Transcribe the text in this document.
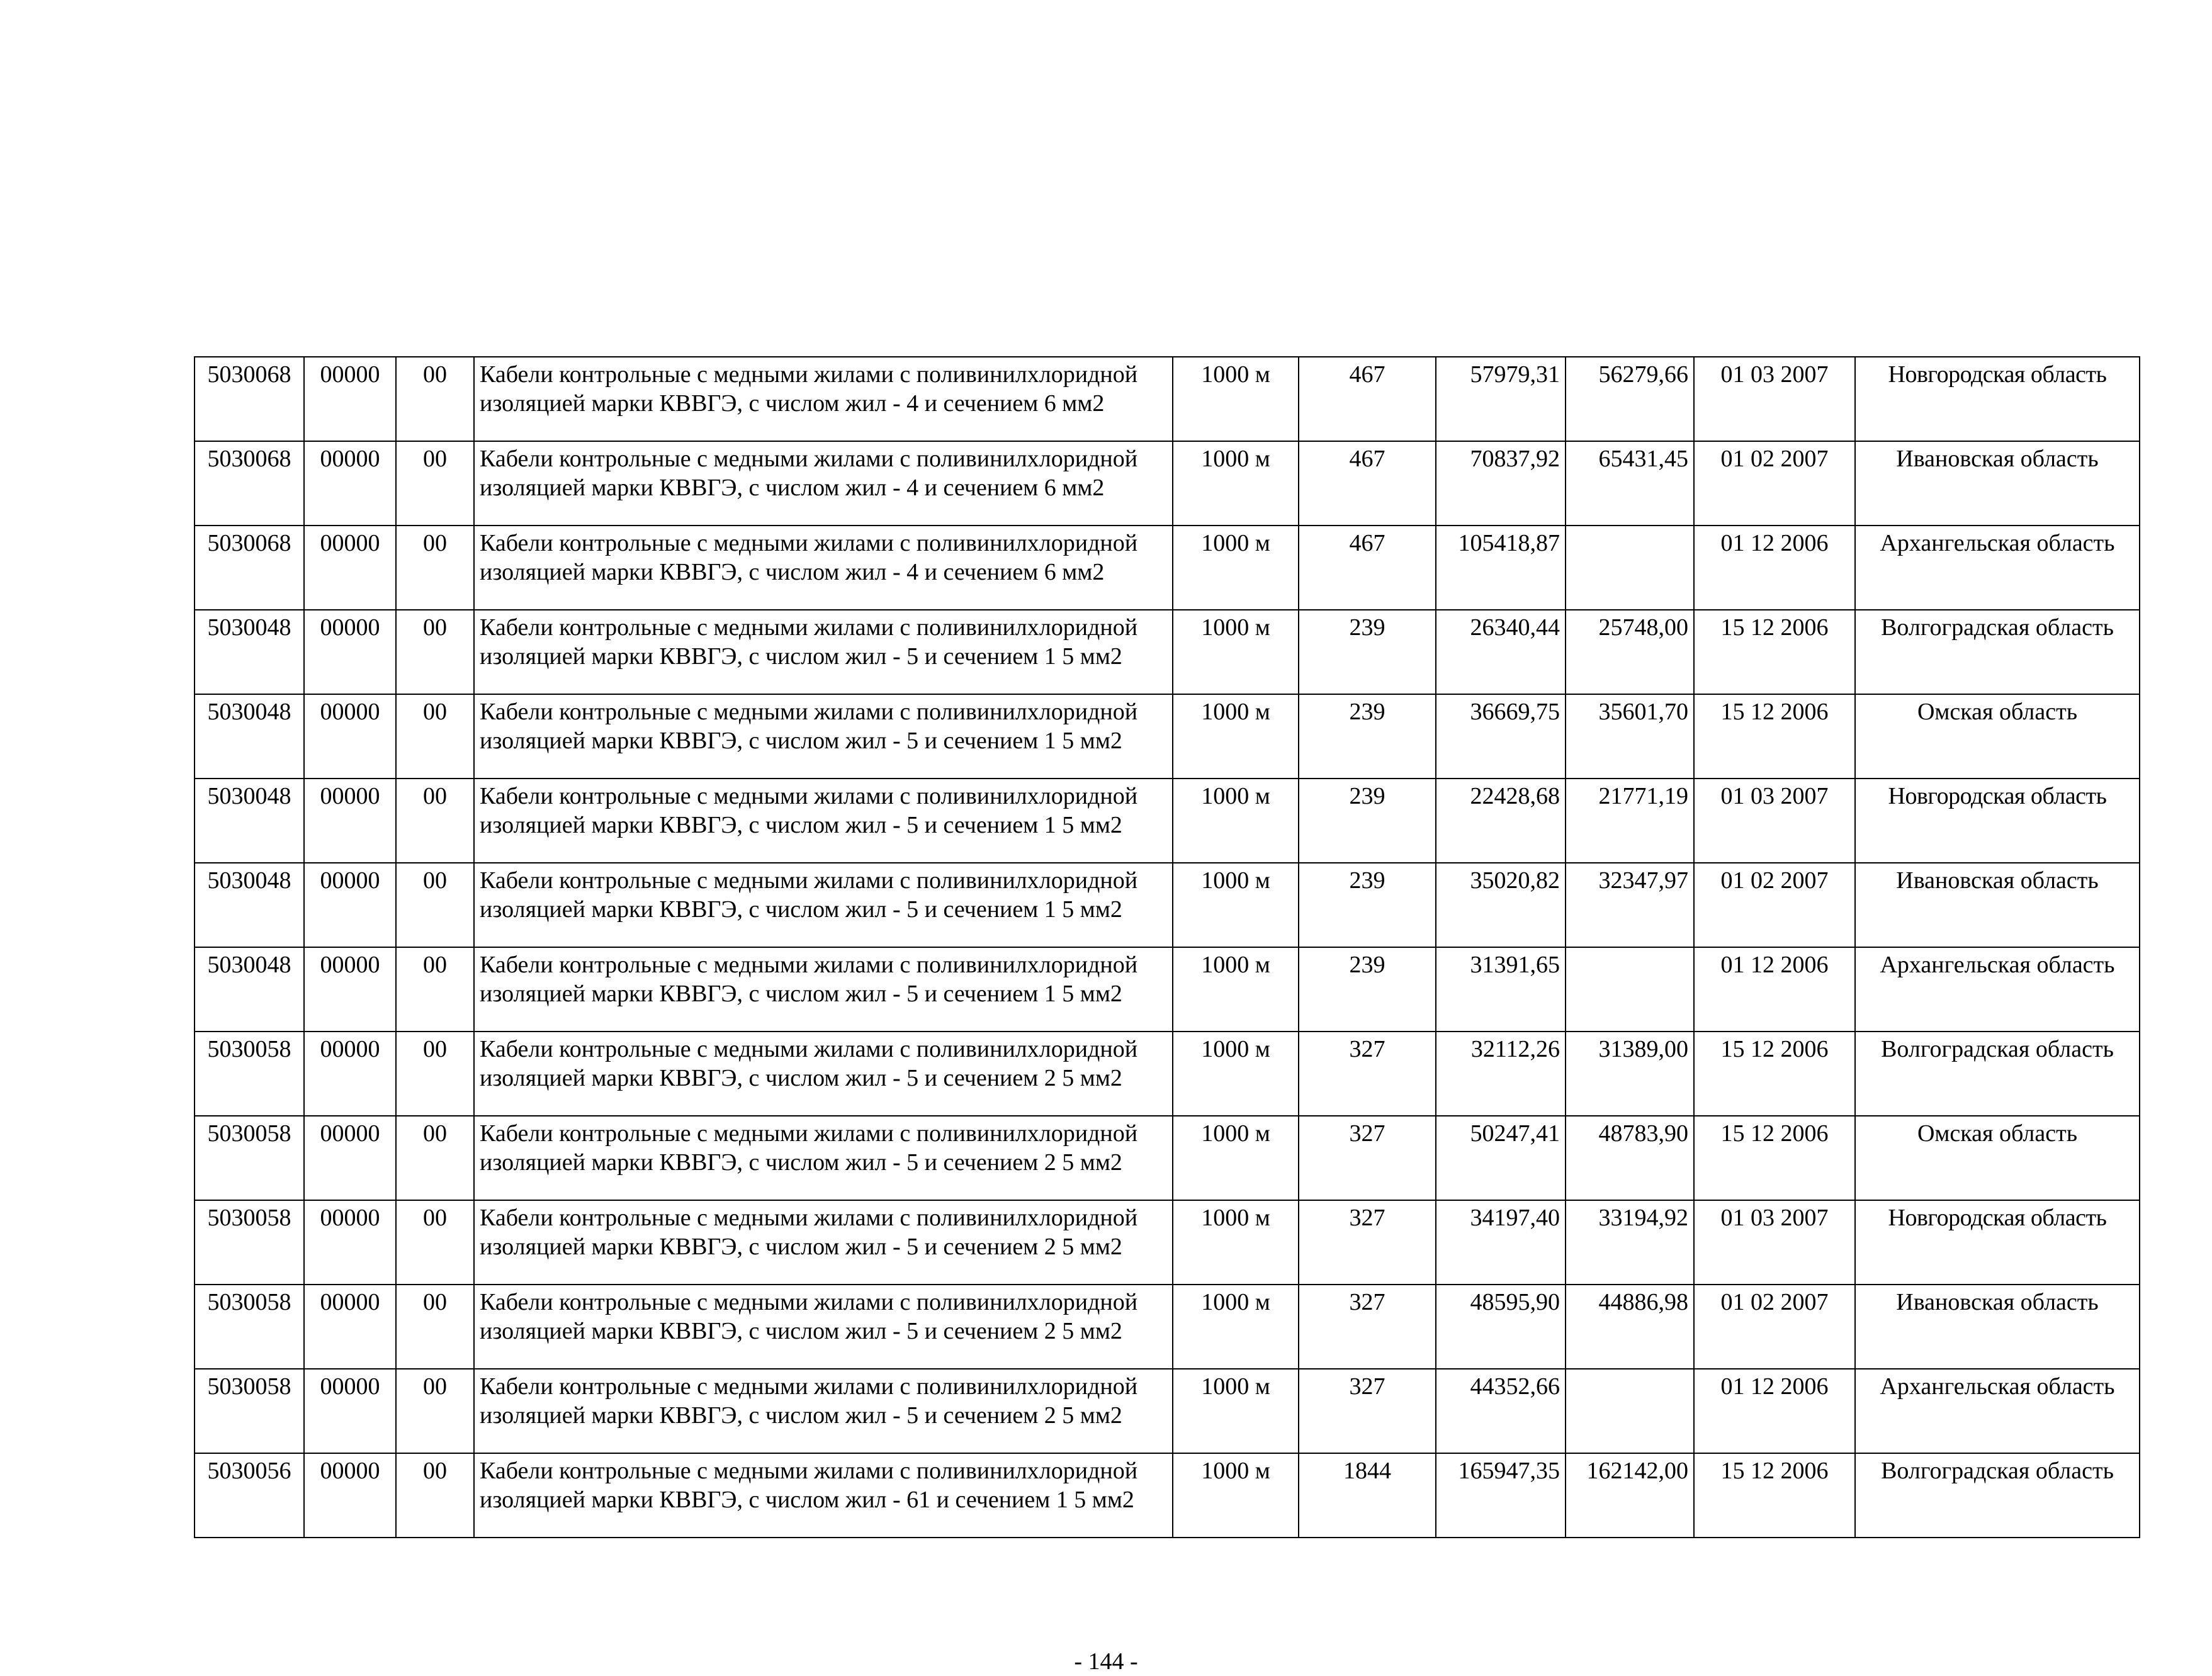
5030068	00000	00	Кабели контрольные с медными жилами с поливинилхлоридной изоляцией марки КВВГЭ, с числом жил - 4 и сечением 6 мм2	1000 м	467	57979,31	56279,66	01 03 2007	Новгородская область
5030068	00000	00	Кабели контрольные с медными жилами с поливинилхлоридной изоляцией марки КВВГЭ, с числом жил - 4 и сечением 6 мм2	1000 м	467	70837,92	65431,45	01 02 2007	Ивановская область
5030068	00000	00	Кабели контрольные с медными жилами с поливинилхлоридной изоляцией марки КВВГЭ, с числом жил - 4 и сечением 6 мм2	1000 м	467	105418,87		01 12 2006	Архангельская область
5030048	00000	00	Кабели контрольные с медными жилами с поливинилхлоридной изоляцией марки КВВГЭ, с числом жил - 5 и сечением 1 5 мм2	1000 м	239	26340,44	25748,00	15 12 2006	Волгоградская область
5030048	00000	00	Кабели контрольные с медными жилами с поливинилхлоридной изоляцией марки КВВГЭ, с числом жил - 5 и сечением 1 5 мм2	1000 м	239	36669,75	35601,70	15 12 2006	Омская область
5030048	00000	00	Кабели контрольные с медными жилами с поливинилхлоридной изоляцией марки КВВГЭ, с числом жил - 5 и сечением 1 5 мм2	1000 м	239	22428,68	21771,19	01 03 2007	Новгородская область
5030048	00000	00	Кабели контрольные с медными жилами с поливинилхлоридной изоляцией марки КВВГЭ, с числом жил - 5 и сечением 1 5 мм2	1000 м	239	35020,82	32347,97	01 02 2007	Ивановская область
5030048	00000	00	Кабели контрольные с медными жилами с поливинилхлоридной изоляцией марки КВВГЭ, с числом жил - 5 и сечением 1 5 мм2	1000 м	239	31391,65		01 12 2006	Архангельская область
5030058	00000	00	Кабели контрольные с медными жилами с поливинилхлоридной изоляцией марки КВВГЭ, с числом жил - 5 и сечением 2 5 мм2	1000 м	327	32112,26	31389,00	15 12 2006	Волгоградская область
5030058	00000	00	Кабели контрольные с медными жилами с поливинилхлоридной изоляцией марки КВВГЭ, с числом жил - 5 и сечением 2 5 мм2	1000 м	327	50247,41	48783,90	15 12 2006	Омская область
5030058	00000	00	Кабели контрольные с медными жилами с поливинилхлоридной изоляцией марки КВВГЭ, с числом жил - 5 и сечением 2 5 мм2	1000 м	327	34197,40	33194,92	01 03 2007	Новгородская область
5030058	00000	00	Кабели контрольные с медными жилами с поливинилхлоридной изоляцией марки КВВГЭ, с числом жил - 5 и сечением 2 5 мм2	1000 м	327	48595,90	44886,98	01 02 2007	Ивановская область
5030058	00000	00	Кабели контрольные с медными жилами с поливинилхлоридной изоляцией марки КВВГЭ, с числом жил - 5 и сечением 2 5 мм2	1000 м	327	44352,66		01 12 2006	Архангельская область
5030056	00000	00	Кабели контрольные с медными жилами с поливинилхлоридной изоляцией марки КВВГЭ, с числом жил - 61 и сечением 1 5 мм2	1000 м	1844	165947,35	162142,00	15 12 2006	Волгоградская область
- 144 -
